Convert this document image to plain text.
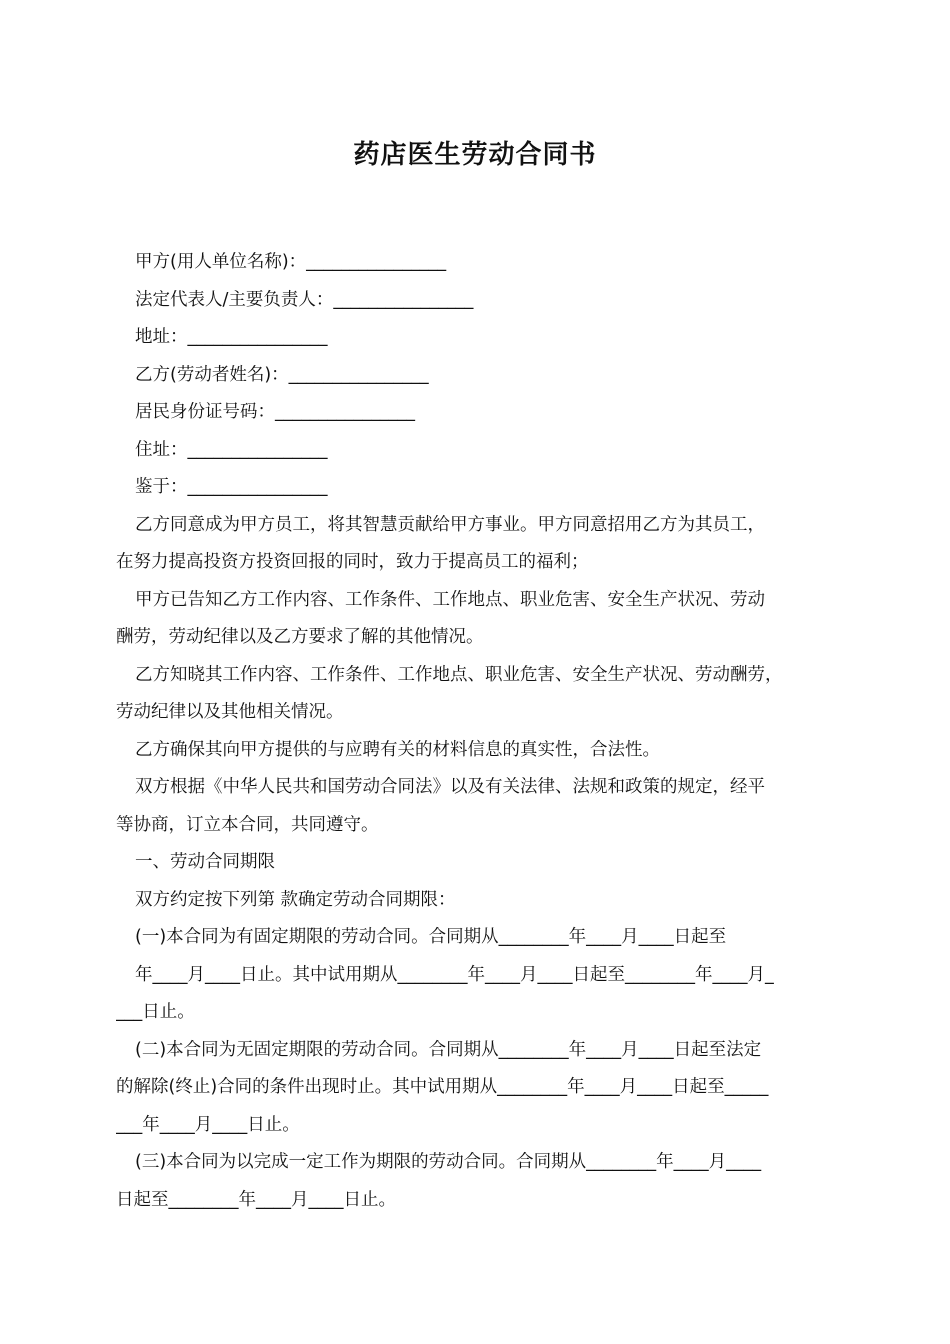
药店医生劳动合同书
甲方(用人单位名称)：________________
法定代表人/主要负责人：________________
地址：________________
乙方(劳动者姓名)：________________
居民身份证号码：________________
住址：________________
鉴于：________________
乙方同意成为甲方员工，将其智慧贡献给甲方事业。甲方同意招用乙方为其员工，
在努力提高投资方投资回报的同时，致力于提高员工的福利；
甲方已告知乙方工作内容、工作条件、工作地点、职业危害、安全生产状况、劳动
酬劳，劳动纪律以及乙方要求了解的其他情况。
乙方知晓其工作内容、工作条件、工作地点、职业危害、安全生产状况、劳动酬劳，
劳动纪律以及其他相关情况。
乙方确保其向甲方提供的与应聘有关的材料信息的真实性，合法性。
双方根据《中华人民共和国劳动合同法》以及有关法律、法规和政策的规定，经平
等协商，订立本合同，共同遵守。
一、劳动合同期限
双方约定按下列第 款确定劳动合同期限：
(一)本合同为有固定期限的劳动合同。合同期从________年____月____日起至
年____月____日止。其中试用期从________年____月____日起至________年____月_
___日止。
(二)本合同为无固定期限的劳动合同。合同期从________年____月____日起至法定
的解除(终止)合同的条件出现时止。其中试用期从________年____月____日起至_____
___年____月____日止。
(三)本合同为以完成一定工作为期限的劳动合同。合同期从________年____月____
日起至________年____月____日止。
